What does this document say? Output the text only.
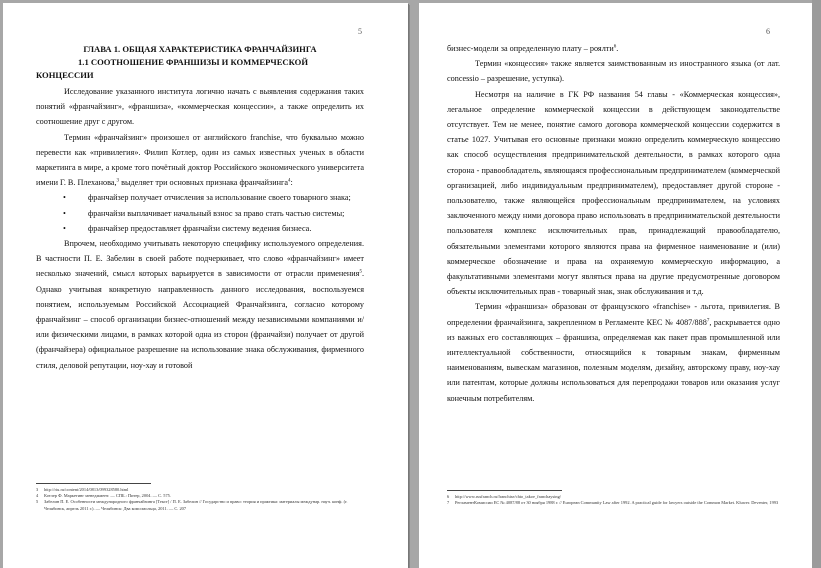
5
ГЛАВА 1. ОБЩАЯ ХАРАКТЕРИСТИКА ФРАНЧАЙЗИНГА
1.1 СООТНОШЕНИЕ ФРАНШИЗЫ И КОММЕРЧЕСКОЙ
КОНЦЕССИИ
Исследование указанного института логично начать с выявления содержания таких понятий «франчайзинг», «франшиза», «коммерческая концессии», а также определить их соотношение друг с другом.
Термин «франчайзинг» произошел от английского franchise, что буквально можно перевести как «привилегия». Филип Котлер, один из самых известных ученых в области маркетинга в мире, а кроме того почётный доктор Российского экономического университета имени Г. В. Плеханова,$^3$ выделяет три основных признака франчайзинга$^4$:
•	франчайзер получает отчисления за использование своего товарного знака;
•	франчайзи выплачивает начальный взнос за право стать частью системы;
•	франчайзер предоставляет франчайзи систему ведения бизнеса.
Впрочем, необходимо учитывать некоторую специфику используемого определения. В частности П. Е. Забелин в своей работе подчеркивает, что слово «франчайзинг» имеет несколько значений, смысл которых варьируется в зависимости от отрасли применения$^5$. Однако учитывая конкретную направленность данного исследования, воспользуемся понятием, используемым Российской Ассоциацией Франчайзинга, согласно которому франчайзинг – способ организации бизнес-отношений между независимыми компаниями и/или физическими лицами, в рамках которой одна из сторон (франчайзи) получает от другой (франчайзера) официальное разрешение на использование знака обслуживания, фирменного стиля, деловой репутации, ноу-хау и готовой
3 http://riu.ru/content/2014/0813/099328580.html
4 Котлер Ф. Маркетинг менеджмент. — СПБ.: Питер, 2004. — С. 575.
5 Забелин П. Е. Особенности международного франчайзинга [Текст] / П. Е. Забелин // Государство и право: теория и практика: материалы междунар. науч. конф. (г. Челябинск, апрель 2011 г.). — Челябинск: Два комсомольца, 2011. — С. 207
6
бизнес-модели за определенную плату – роялти$^6$.
Термин «концессия» также является заимствованным из иностранного языка (от лат. concessio – разрешение, уступка).
Несмотря на наличие в ГК РФ названия 54 главы - «Коммерческая концессия», легальное определение коммерческой концессии в действующем законодательстве отсутствует. Тем не менее, понятие самого договора коммерческой концессии содержится в статье 1027. Учитывая его основные признаки можно определить коммерческую концессию как способ осуществления предпринимательской деятельности, в рамках которого одна сторона - правообладатель, являющаяся профессиональным предпринимателем (коммерческой организацией, либо индивидуальным предпринимателем), предоставляет другой стороне - пользователю, также являющейся профессиональным предпринимателем, на условиях заключенного между ними договора право использовать в предпринимательской деятельности пользователя комплекс исключительных прав, принадлежащий правообладателю, обязательными элементами которого являются права на фирменное наименование и (или) коммерческое обозначение и права на охраняемую коммерческую информацию, а факультативными элементами могут являться права на другие предусмотренные договором объекты исключительных прав - товарный знак, знак обслуживания и т.д.
Термин «франшиза» образован от французского «franchise» - льгота, привилегия. В определении франчайзинга, закрепленном в Регламенте КЕС № $4087/888^7$, раскрывается одно из важных его составляющих – франшиза, определяемая как пакет прав промышленной или интеллектуальной собственности, относящийся к товарным знакам, фирменным наименованиям, вывескам магазинов, полезным моделям, дизайну, авторскому праву, ноу-хау или патентам, которые должны использоваться для перепродажи товаров или оказания услуг конечным потребителям.
6 http://www.rusfranch.ru/franchise/chto_takoe_franchaysing/
7 РегламентКомиссии ЕС № 4087/88 от 30 ноября 1988 г. // European Community Law after 1992. A practical guide for lawyers outside the Common Market. Kluwer. Deventer, 1993
